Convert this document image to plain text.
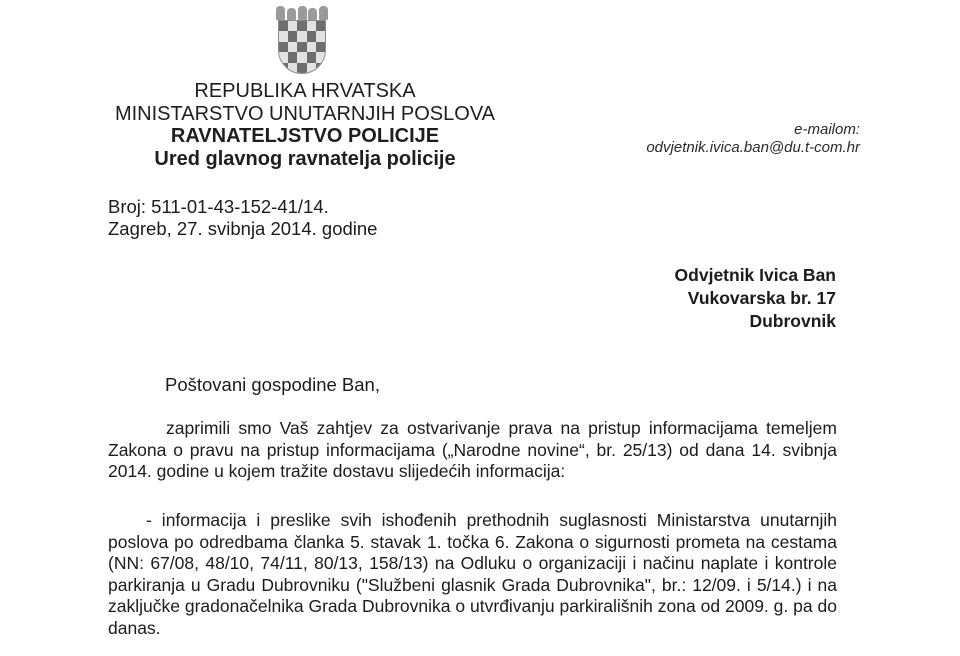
REPUBLIKA HRVATSKA
MINISTARSTVO UNUTARNJIH POSLOVA
RAVNATELJSTVO POLICIJE
Ured glavnog ravnatelja policije
e-mailom:
odvjetnik.ivica.ban@du.t-com.hr
Broj: 511-01-43-152-41/14.
Zagreb, 27. svibnja 2014. godine
Odvjetnik Ivica Ban
Vukovarska br. 17
Dubrovnik
Poštovani gospodine Ban,

zaprimili smo Vaš zahtjev za ostvarivanje prava na pristup informacijama temeljem Zakona o pravu na pristup informacijama („Narodne novine“, br. 25/13) od dana 14. svibnja 2014. godine u kojem tražite dostavu slijedećih informacija:

- informacija i preslike svih ishođenih prethodnih suglasnosti Ministarstva unutarnjih poslova po odredbama članka 5. stavak 1. točka 6. Zakona o sigurnosti prometa na cestama (NN: 67/08, 48/10, 74/11, 80/13, 158/13) na Odluku o organizaciji i načinu naplate i kontrole parkiranja u Gradu Dubrovniku ("Službeni glasnik Grada Dubrovnika", br.: 12/09. i 5/14.) i na zaključke gradonačelnika Grada Dubrovnika o utvrđivanju parkirališnih zona od 2009. g. pa do danas.
